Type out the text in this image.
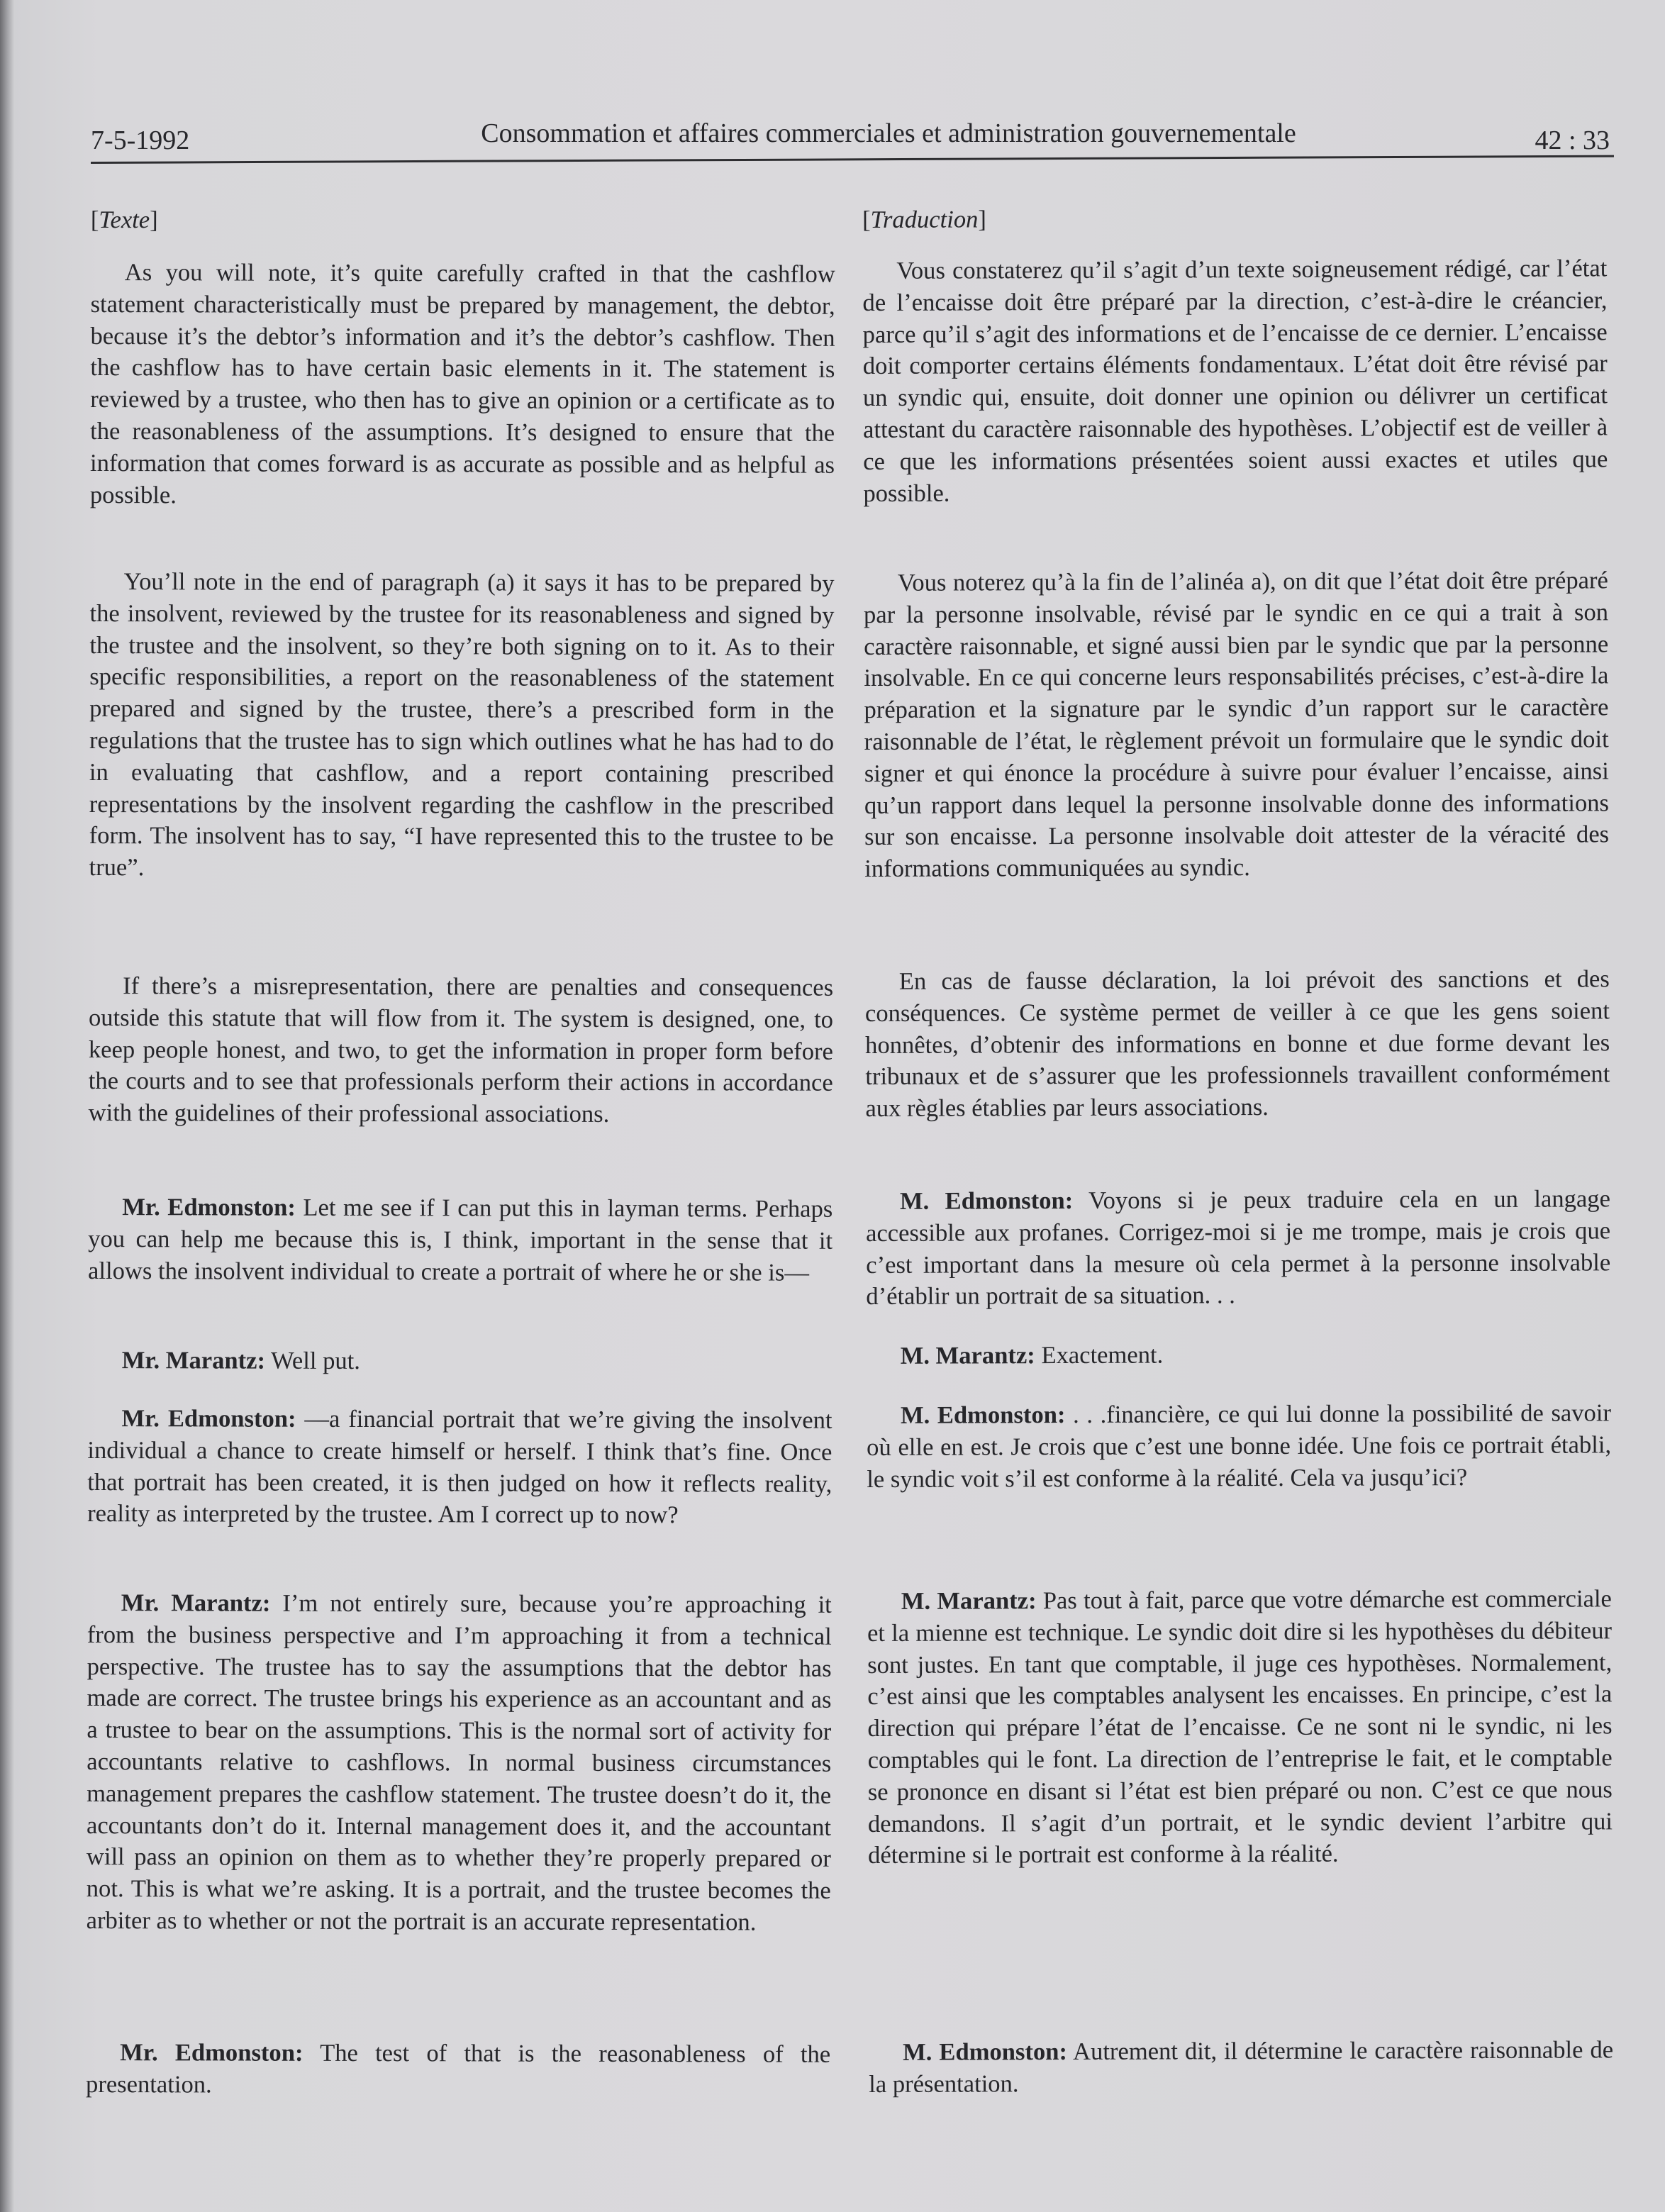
7-5-1992	Consommation et affaires commerciales et administration gouvernementale	42 : 33
[Texte]

As you will note, it’s quite carefully crafted in that the cashflow statement characteristically must be prepared by management, the debtor, because it’s the debtor’s information and it’s the debtor’s cashflow. Then the cashflow has to have certain basic elements in it. The statement is reviewed by a trustee, who then has to give an opinion or a certificate as to the reasonableness of the assumptions. It’s designed to ensure that the information that comes forward is as accurate as possible and as helpful as possible.

You’ll note in the end of paragraph (a) it says it has to be prepared by the insolvent, reviewed by the trustee for its reasonableness and signed by the trustee and the insolvent, so they’re both signing on to it. As to their specific responsibilities, a report on the reasonableness of the statement prepared and signed by the trustee, there’s a prescribed form in the regulations that the trustee has to sign which outlines what he has had to do in evaluating that cashflow, and a report containing prescribed representations by the insolvent regarding the cashflow in the prescribed form. The insolvent has to say, “I have represented this to the trustee to be true”.

If there’s a misrepresentation, there are penalties and consequences outside this statute that will flow from it. The system is designed, one, to keep people honest, and two, to get the information in proper form before the courts and to see that professionals perform their actions in accordance with the guidelines of their professional associations.

Mr. Edmonston: Let me see if I can put this in layman terms. Perhaps you can help me because this is, I think, important in the sense that it allows the insolvent individual to create a portrait of where he or she is—

Mr. Marantz: Well put.

Mr. Edmonston: —a financial portrait that we’re giving the insolvent individual a chance to create himself or herself. I think that’s fine. Once that portrait has been created, it is then judged on how it reflects reality, reality as interpreted by the trustee. Am I correct up to now?

Mr. Marantz: I’m not entirely sure, because you’re approaching it from the business perspective and I’m approaching it from a technical perspective. The trustee has to say the assumptions that the debtor has made are correct. The trustee brings his experience as an accountant and as a trustee to bear on the assumptions. This is the normal sort of activity for accountants relative to cashflows. In normal business circumstances management prepares the cashflow statement. The trustee doesn’t do it, the accountants don’t do it. Internal management does it, and the accountant will pass an opinion on them as to whether they’re properly prepared or not. This is what we’re asking. It is a portrait, and the trustee becomes the arbiter as to whether or not the portrait is an accurate representation.

Mr. Edmonston: The test of that is the reasonableness of the presentation.

[Traduction]

Vous constaterez qu’il s’agit d’un texte soigneusement rédigé, car l’état de l’encaisse doit être préparé par la direction, c’est-à-dire le créancier, parce qu’il s’agit des informations et de l’encaisse de ce dernier. L’encaisse doit comporter certains éléments fondamentaux. L’état doit être révisé par un syndic qui, ensuite, doit donner une opinion ou délivrer un certificat attestant du caractère raisonnable des hypothèses. L’objectif est de veiller à ce que les informations présentées soient aussi exactes et utiles que possible.

Vous noterez qu’à la fin de l’alinéa a), on dit que l’état doit être préparé par la personne insolvable, révisé par le syndic en ce qui a trait à son caractère raisonnable, et signé aussi bien par le syndic que par la personne insolvable. En ce qui concerne leurs responsabilités précises, c’est-à-dire la préparation et la signature par le syndic d’un rapport sur le caractère raisonnable de l’état, le règlement prévoit un formulaire que le syndic doit signer et qui énonce la procédure à suivre pour évaluer l’encaisse, ainsi qu’un rapport dans lequel la personne insolvable donne des informations sur son encaisse. La personne insolvable doit attester de la véracité des informations communiquées au syndic.

En cas de fausse déclaration, la loi prévoit des sanctions et des conséquences. Ce système permet de veiller à ce que les gens soient honnêtes, d’obtenir des informations en bonne et due forme devant les tribunaux et de s’assurer que les professionnels travaillent conformément aux règles établies par leurs associations.

M. Edmonston: Voyons si je peux traduire cela en un langage accessible aux profanes. Corrigez-moi si je me trompe, mais je crois que c’est important dans la mesure où cela permet à la personne insolvable d’établir un portrait de sa situation. . .

M. Marantz: Exactement.

M. Edmonston: . . .financière, ce qui lui donne la possibilité de savoir où elle en est. Je crois que c’est une bonne idée. Une fois ce portrait établi, le syndic voit s’il est conforme à la réalité. Cela va jusqu’ici?

M. Marantz: Pas tout à fait, parce que votre démarche est commerciale et la mienne est technique. Le syndic doit dire si les hypothèses du débiteur sont justes. En tant que comptable, il juge ces hypothèses. Normalement, c’est ainsi que les comptables analysent les encaisses. En principe, c’est la direction qui prépare l’état de l’encaisse. Ce ne sont ni le syndic, ni les comptables qui le font. La direction de l’entreprise le fait, et le comptable se prononce en disant si l’état est bien préparé ou non. C’est ce que nous demandons. Il s’agit d’un portrait, et le syndic devient l’arbitre qui détermine si le portrait est conforme à la réalité.

M. Edmonston: Autrement dit, il détermine le caractère raisonnable de la présentation.
